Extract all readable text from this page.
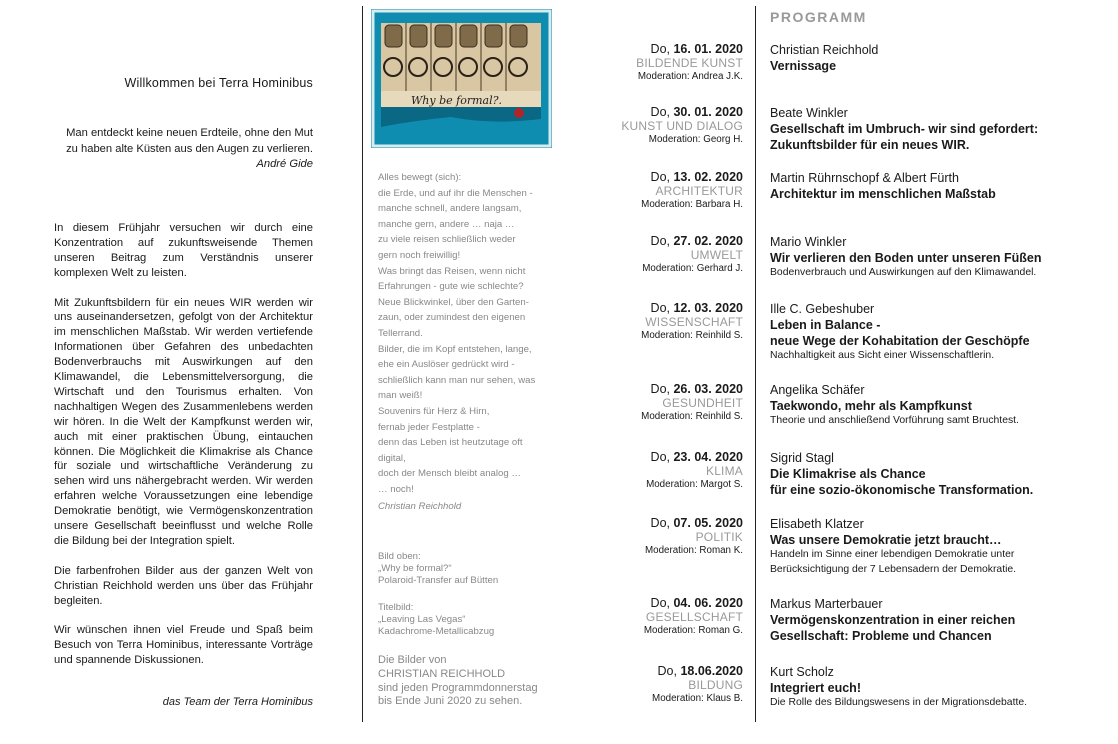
Willkommen bei Terra Hominibus
Man entdeckt keine neuen Erdteile, ohne den Mut
zu haben alte Küsten aus den Augen zu verlieren.
André Gide

In diesem Frühjahr versuchen wir durch eine Konzentration auf zukunftsweisende Themen unseren Beitrag zum Verständnis unserer komplexen Welt zu leisten.

Mit Zukunftsbildern für ein neues WIR werden wir uns auseinandersetzen, gefolgt von der Architektur im menschlichen Maßstab. Wir werden vertiefende Informationen über Gefahren des unbedachten Bodenverbrauchs mit Auswirkungen auf den Klimawandel, die Lebensmittelversorgung, die Wirtschaft und den Tourismus erhalten. Von nachhaltigen Wegen des Zusammenlebens werden wir hören. In die Welt der Kampfkunst werden wir, auch mit einer praktischen Übung, eintauchen können. Die Möglichkeit die Klimakrise als Chance für soziale und wirtschaftliche Veränderung zu sehen wird uns nähergebracht werden. Wir werden erfahren welche Voraussetzungen eine lebendige Demokratie benötigt, wie Vermögenskonzentration unsere Gesellschaft beeinflusst und welche Rolle die Bildung bei der Integration spielt.

Die farbenfrohen Bilder aus der ganzen Welt von Christian Reichhold werden uns über das Frühjahr begleiten.

Wir wünschen ihnen viel Freude und Spaß beim Besuch von Terra Hominibus, interessante Vorträge und spannende Diskussionen.

das Team der Terra Hominibus
Why be formal?.
Alles bewegt (sich):
die Erde, und auf ihr die Menschen -
manche schnell, andere langsam,
manche gern, andere … naja …
zu viele reisen schließlich weder
gern noch freiwillig!
Was bringt das Reisen, wenn nicht
Erfahrungen - gute wie schlechte?
Neue Blickwinkel, über den Garten-
zaun, oder zumindest den eigenen
Tellerrand.
Bilder, die im Kopf entstehen, lange,
ehe ein Auslöser gedrückt wird -
schließlich kann man nur sehen, was
man weiß!
Souvenirs für Herz & Hirn,
fernab jeder Festplatte -
denn das Leben ist heutzutage oft
digital,
doch der Mensch bleibt analog …
… noch!
Christian Reichhold
Bild oben:
„Why be formal?“
Polaroid-Transfer auf Bütten
Titelbild:
„Leaving Las Vegas“
Kadachrome-Metallicabzug
Die Bilder von
CHRISTIAN REICHHOLD
sind jeden Programmdonnerstag
bis Ende Juni 2020 zu sehen.
PROGRAMM
Do, 16. 01. 2020
BILDENDE KUNST
Moderation: Andrea J.K.
Christian Reichhold
Vernissage
Do, 30. 01. 2020
KUNST UND DIALOG
Moderation: Georg H.
Beate Winkler
Gesellschaft im Umbruch- wir sind gefordert:
Zukunftsbilder für ein neues WIR.
Do, 13. 02. 2020
ARCHITEKTUR
Moderation: Barbara H.
Martin Rührnschopf & Albert Fürth
Architektur im menschlichen Maßstab
Do, 27. 02. 2020
UMWELT
Moderation: Gerhard J.
Mario Winkler
Wir verlieren den Boden unter unseren Füßen
Bodenverbrauch und Auswirkungen auf den Klimawandel.
Do, 12. 03. 2020
WISSENSCHAFT
Moderation: Reinhild S.
Ille C. Gebeshuber
Leben in Balance -
neue Wege der Kohabitation der Geschöpfe
Nachhaltigkeit aus Sicht einer Wissenschaftlerin.
Do, 26. 03. 2020
GESUNDHEIT
Moderation: Reinhild S.
Angelika Schäfer
Taekwondo, mehr als Kampfkunst
Theorie und anschließend Vorführung samt Bruchtest.
Do, 23. 04. 2020
KLIMA
Moderation: Margot S.
Sigrid Stagl
Die Klimakrise als Chance
für eine sozio-ökonomische Transformation.
Do, 07. 05. 2020
POLITIK
Moderation: Roman K.
Elisabeth Klatzer
Was unsere Demokratie jetzt braucht…
Handeln im Sinne einer lebendigen Demokratie unter
Berücksichtigung der 7 Lebensadern der Demokratie.
Do, 04. 06. 2020
GESELLSCHAFT
Moderation: Roman G.
Markus Marterbauer
Vermögenskonzentration in einer reichen
Gesellschaft: Probleme und Chancen
Do, 18.06.2020
BILDUNG
Moderation: Klaus B.
Kurt Scholz
Integriert euch!
Die Rolle des Bildungswesens in der Migrationsdebatte.
